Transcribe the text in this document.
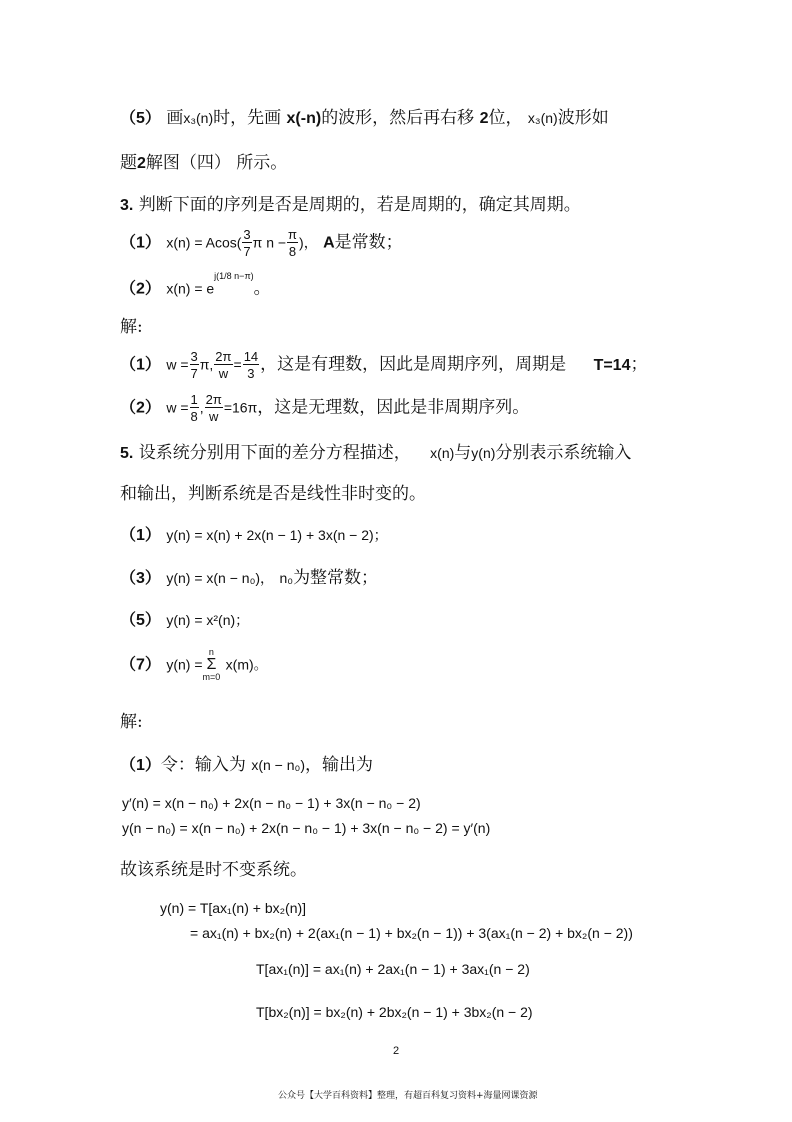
（5） 画x₃(n)时，先画 x(-n)的波形，然后再右移 2位， x₃(n)波形如
题2解图（四） 所示。
3. 判断下面的序列是否是周期的，若是周期的，确定其周期。
（1） $x(n) = Acos( \frac{3}{7}$ π $n - \frac{\pi}{8}$ )， A是常数；
（2） $x(n) = e^{j(1/8 n-\pi)}$。
解:
（1） $w = \frac{3}{7} \pi$, $\frac{2\pi}{w} = \frac{14}{3}$ ，这是有理数，因此是周期序列，周期是 T=14；
（2） $w = \frac{1}{8}$ , $\frac{2\pi}{w} =16\pi$，这是无理数，因此是非周期序列。
5. 设系统分别用下面的差分方程描述， x(n)与y(n)分别表示系统输入
和输出，判断系统是否是线性非时变的。
（1） y(n) = x(n) + 2x(n − 1) + 3x(n − 2)；
（3） y(n) = x(n − n₀)， n₀为整常数；
（5） y(n) = x²(n)；
（7） y(n) =
n
Σ
m=0
x(m)。
解:
（1）令：输入为 x(n − n₀)，输出为
y′(n) = x(n − n₀) + 2x(n − n₀ − 1) + 3x(n − n₀ − 2)
y(n − n₀) = x(n − n₀) + 2x(n − n₀ − 1) + 3x(n − n₀ − 2) = y′(n)
故该系统是时不变系统。
y(n) = T[ax₁(n) + bx₂(n)]
= ax₁(n) + bx₂(n) + 2(ax₁(n − 1) + bx₂(n − 1)) + 3(ax₁(n − 2) + bx₂(n − 2))
T[ax₁(n)] = ax₁(n) + 2ax₁(n − 1) + 3ax₁(n − 2)
T[bx₂(n)] = bx₂(n) + 2bx₂(n − 1) + 3bx₂(n − 2)
2
公众号【大学百科资料】整理，有超百科复习资料+海量网课资源
